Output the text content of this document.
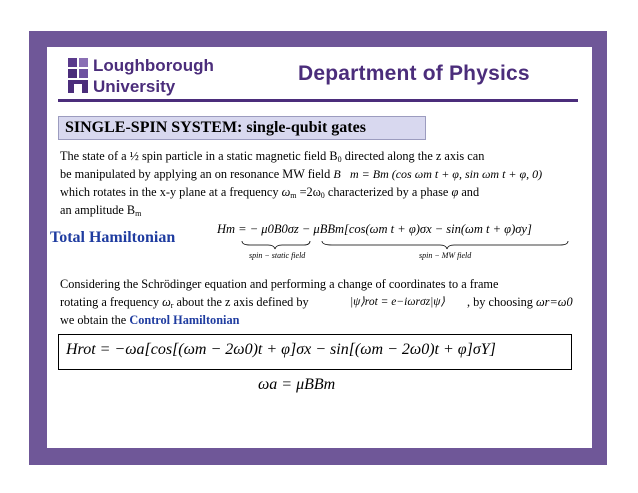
Loughborough
University
Department of Physics
SINGLE-SPIN SYSTEM: single-qubit gates
The state of a ½ spin particle in a static magnetic field $B_0$ directed along the z axis can
be manipulated by applying an on resonance MW field B⃗m = Bm (cos ωm t + φ, sin ωm t + φ, 0)
which rotates in the x-y plane at a frequency $\omega_m =2\omega_0$ characterized by a phase φ and
an amplitude $B_m$
Total Hamiltonian	Hm = − μ0B0σz − μBBm[cos(ωm t + φ)σx − sin(ωm t + φ)σy]
spin − static field	spin − MW field
Considering the Schrödinger equation and performing a change of coordinates to a frame
rotating a frequency $\omega_r$ about the z axis defined by	|ψ⟩rot = e−iωrσz|ψ⟩ , by choosing ωr=ω0
we obtain the Control Hamiltonian
Hrot = −ωa[cos[(ωm − 2ω0)t + φ]σx − sin[(ωm − 2ω0)t + φ]σY]
ωa = μBBm
